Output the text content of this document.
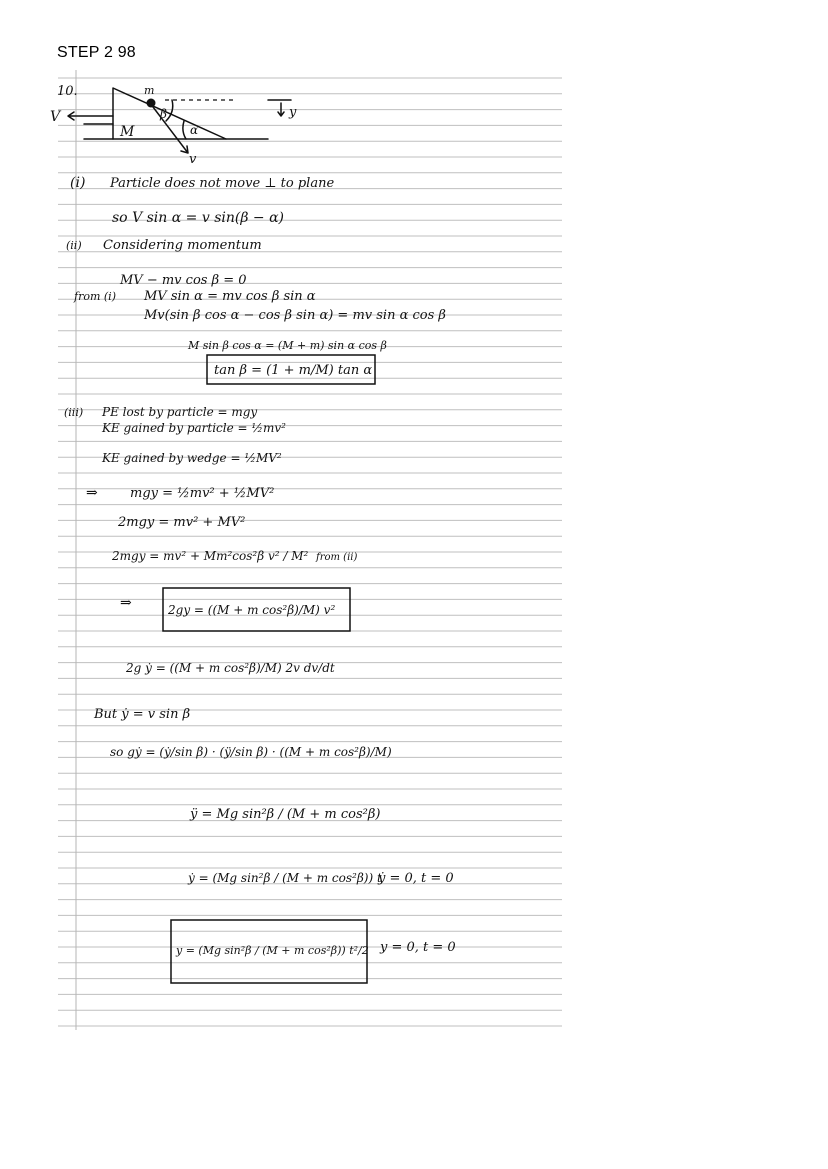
STEP 2 98
10.
V
M
m
v
β
α
y
(i) Particle does not move ⊥ to plane
so V sin α = v sin(β − α)
(ii) Considering momentum
MV − mv cos β = 0
from (i) MV sin α = mv cos β sin α
Mv(sin β cos α − cos β sin α) = mv sin α cos β
M sin β cos α = (M + m) sin α cos β
tan β = (1 + m/M) tan α
(iii) PE lost by particle = mgy
KE gained by particle = ½mv²
KE gained by wedge = ½MV²
⇒ mgy = ½mv² + ½MV²
2mgy = mv² + MV²
2mgy = mv² + Mm²cos²β v² / M² from (ii)
⇒	2gy = ((M + m cos²β)/M) v²
2g ẏ = ((M + m cos²β)/M) 2v dv/dt
But ẏ = v sin β
so gẏ = (ẏ/sin β) · (ÿ/sin β) · ((M + m cos²β)/M)
ÿ = Mg sin²β / (M + m cos²β)
ẏ = (Mg sin²β / (M + m cos²β)) t
ẏ = 0, t = 0
y = (Mg sin²β / (M + m cos²β)) t²/2 y = 0, t = 0
